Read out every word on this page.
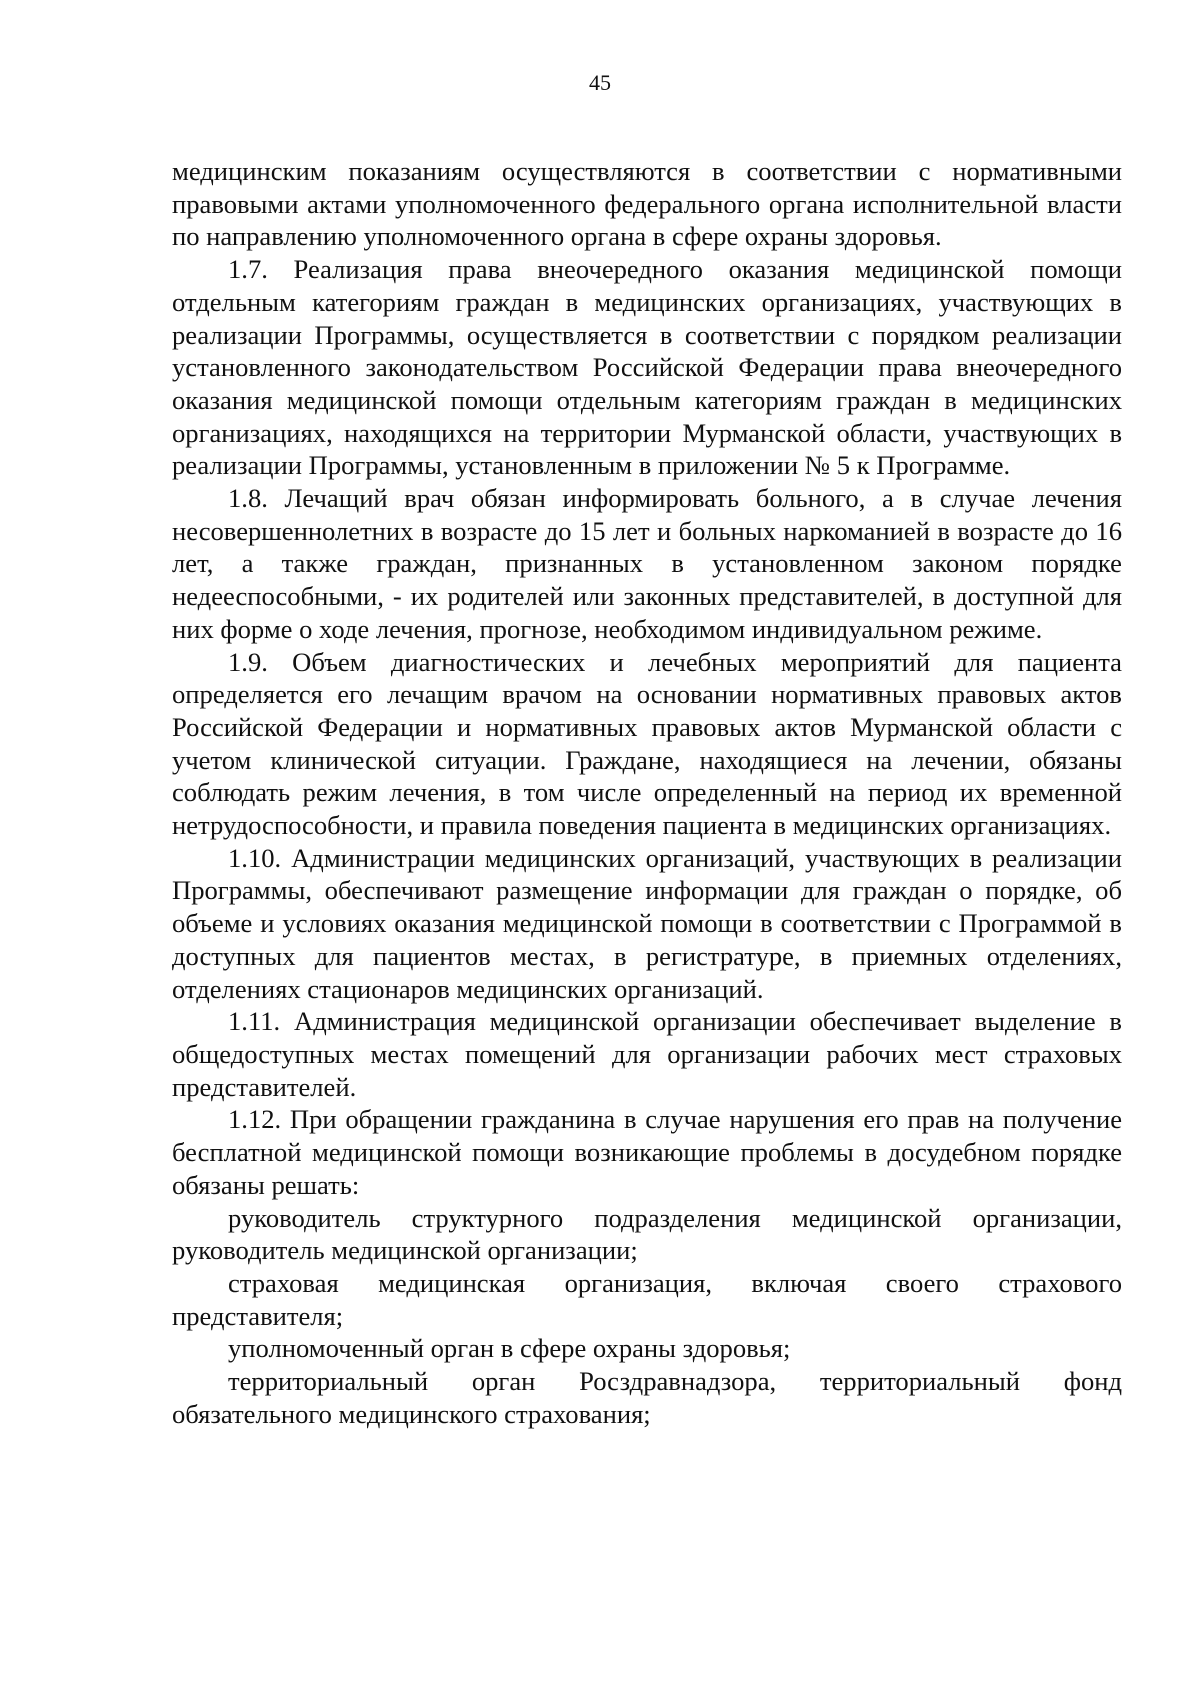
45

медицинским показаниям осуществляются в соответствии с нормативными правовыми актами уполномоченного федерального органа исполнительной власти по направлению уполномоченного органа в сфере охраны здоровья.

1.7. Реализация права внеочередного оказания медицинской помощи отдельным категориям граждан в медицинских организациях, участвующих в реализации Программы, осуществляется в соответствии с порядком реализации установленного законодательством Российской Федерации права внеочередного оказания медицинской помощи отдельным категориям граждан в медицинских организациях, находящихся на территории Мурманской области, участвующих в реализации Программы, установленным в приложении № 5 к Программе.

1.8. Лечащий врач обязан информировать больного, а в случае лечения несовершеннолетних в возрасте до 15 лет и больных наркоманией в возрасте до 16 лет, а также граждан, признанных в установленном законом порядке недееспособными, - их родителей или законных представителей, в доступной для них форме о ходе лечения, прогнозе, необходимом индивидуальном режиме.

1.9. Объем диагностических и лечебных мероприятий для пациента определяется его лечащим врачом на основании нормативных правовых актов Российской Федерации и нормативных правовых актов Мурманской области с учетом клинической ситуации. Граждане, находящиеся на лечении, обязаны соблюдать режим лечения, в том числе определенный на период их временной нетрудоспособности, и правила поведения пациента в медицинских организациях.

1.10. Администрации медицинских организаций, участвующих в реализации Программы, обеспечивают размещение информации для граждан о порядке, об объеме и условиях оказания медицинской помощи в соответствии с Программой в доступных для пациентов местах, в регистратуре, в приемных отделениях, отделениях стационаров медицинских организаций.

1.11. Администрация медицинской организации обеспечивает выделение в общедоступных местах помещений для организации рабочих мест страховых представителей.

1.12. При обращении гражданина в случае нарушения его прав на получение бесплатной медицинской помощи возникающие проблемы в досудебном порядке обязаны решать:

руководитель структурного подразделения медицинской организации, руководитель медицинской организации;

страховая медицинская организация, включая своего страхового представителя;

уполномоченный орган в сфере охраны здоровья;

территориальный орган Росздравнадзора, территориальный фонд обязательного медицинского страхования;
